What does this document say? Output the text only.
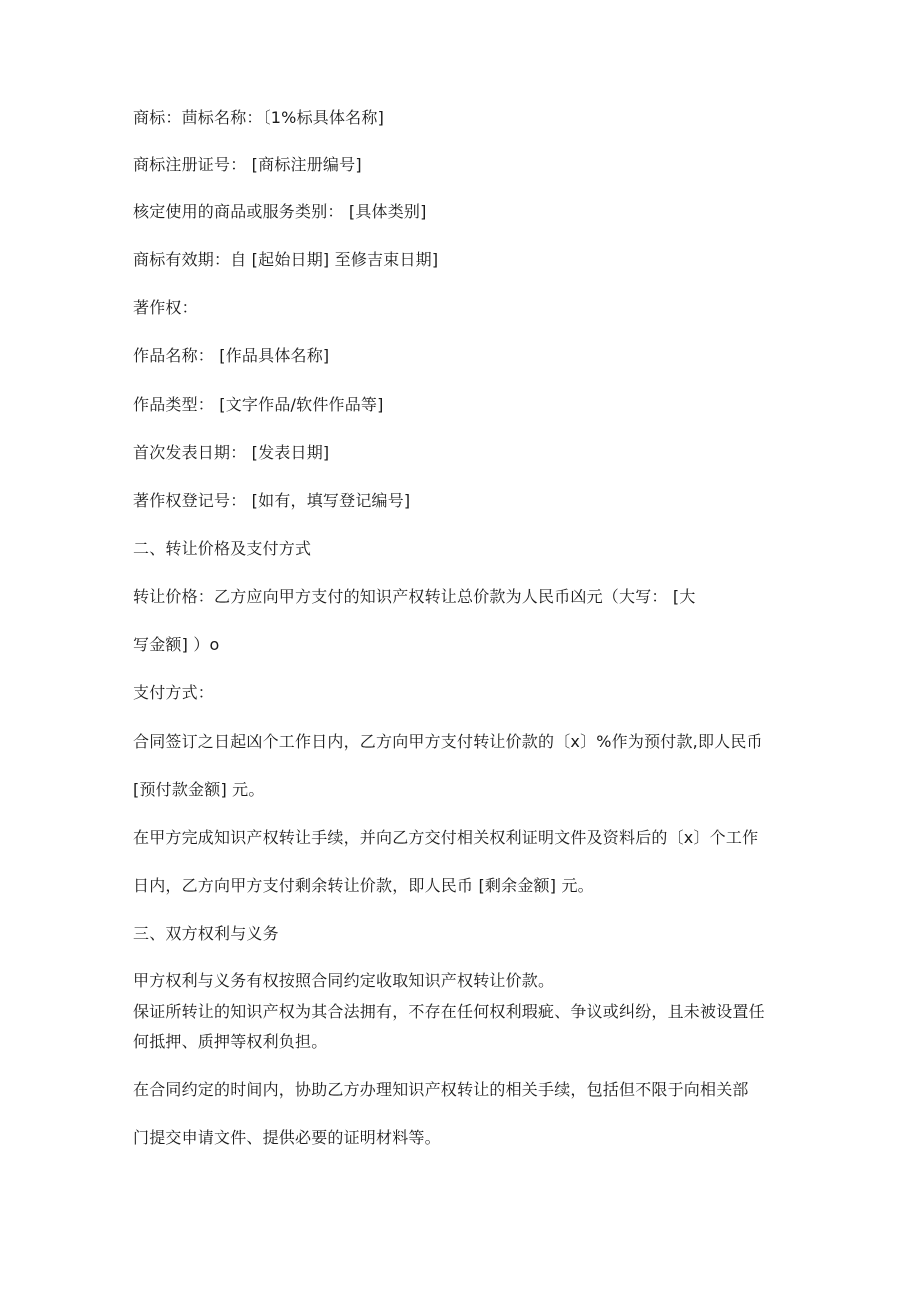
商标：茴标名称：〔1%标具体名称]
商标注册证号： [商标注册编号]
核定使用的商品或服务类别： [具体类别]
商标有效期：自 [起始日期] 至修吉束日期]
著作权：
作品名称： [作品具体名称]
作品类型： [文字作品/软件作品等]
首次发表日期： [发表日期]
著作权登记号： [如有，填写登记编号]
二、转让价格及支付方式
转让价格：乙方应向甲方支付的知识产权转让总价款为人民币凶元（大写： [大
写金额] ）o
支付方式：
合同签订之日起凶个工作日内，乙方向甲方支付转让价款的〔x〕%作为预付款,即人民币
[预付款金额] 元。
在甲方完成知识产权转让手续，并向乙方交付相关权利证明文件及资料后的〔x〕个工作
日内，乙方向甲方支付剩余转让价款，即人民币 [剩余金额] 元。
三、双方权利与义务
甲方权利与义务有权按照合同约定收取知识产权转让价款。
保证所转让的知识产权为其合法拥有，不存在任何权利瑕疵、争议或纠纷，且未被设置任
何抵押、质押等权利负担。
在合同约定的时间内，协助乙方办理知识产权转让的相关手续，包括但不限于向相关部
门提交申请文件、提供必要的证明材料等。
